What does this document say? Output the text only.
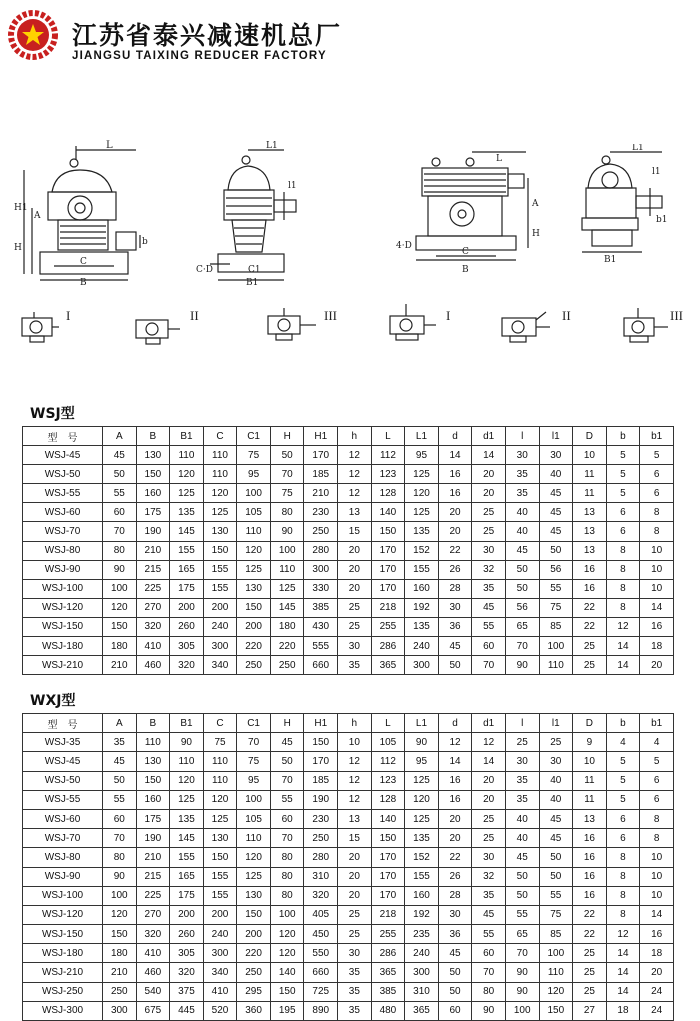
江苏省泰兴减速机总厂
JIANGSU TAIXING REDUCER FACTORY
L
H1
H
A
C
B
b
L1
l1
C·D	C1
B1
L
A
H
4·D
B
C
L1
l1
B1
b1
I	II	III	I	II	III
WSJ型
型　号	A	B	B1	C	C1	H	H1	h	L	L1	d	d1	l	l1	D	b	b1
WSJ-45	45	130	110	110	75	50	170	12	112	95	14	14	30	30	10	5	5
WSJ-50	50	150	120	110	95	70	185	12	123	125	16	20	35	40	11	5	6
WSJ-55	55	160	125	120	100	75	210	12	128	120	16	20	35	45	11	5	6
WSJ-60	60	175	135	125	105	80	230	13	140	125	20	25	40	45	13	6	8
WSJ-70	70	190	145	130	110	90	250	15	150	135	20	25	40	45	13	6	8
WSJ-80	80	210	155	150	120	100	280	20	170	152	22	30	45	50	13	8	10
WSJ-90	90	215	165	155	125	110	300	20	170	155	26	32	50	56	16	8	10
WSJ-100	100	225	175	155	130	125	330	20	170	160	28	35	50	55	16	8	10
WSJ-120	120	270	200	200	150	145	385	25	218	192	30	45	56	75	22	8	14
WSJ-150	150	320	260	240	200	180	430	25	255	135	36	55	65	85	22	12	16
WSJ-180	180	410	305	300	220	220	555	30	286	240	45	60	70	100	25	14	18
WSJ-210	210	460	320	340	250	250	660	35	365	300	50	70	90	110	25	14	20
WXJ型
型　号	A	B	B1	C	C1	H	H1	h	L	L1	d	d1	l	l1	D	b	b1
WSJ-35	35	110	90	75	70	45	150	10	105	90	12	12	25	25	9	4	4
WSJ-45	45	130	110	110	75	50	170	12	112	95	14	14	30	30	10	5	5
WSJ-50	50	150	120	110	95	70	185	12	123	125	16	20	35	40	11	5	6
WSJ-55	55	160	125	120	100	55	190	12	128	120	16	20	35	40	11	5	6
WSJ-60	60	175	135	125	105	60	230	13	140	125	20	25	40	45	13	6	8
WSJ-70	70	190	145	130	110	70	250	15	150	135	20	25	40	45	16	6	8
WSJ-80	80	210	155	150	120	80	280	20	170	152	22	30	45	50	16	8	10
WSJ-90	90	215	165	155	125	80	310	20	170	155	26	32	50	50	16	8	10
WSJ-100	100	225	175	155	130	80	320	20	170	160	28	35	50	55	16	8	10
WSJ-120	120	270	200	200	150	100	405	25	218	192	30	45	55	75	22	8	14
WSJ-150	150	320	260	240	200	120	450	25	255	235	36	55	65	85	22	12	16
WSJ-180	180	410	305	300	220	120	550	30	286	240	45	60	70	100	25	14	18
WSJ-210	210	460	320	340	250	140	660	35	365	300	50	70	90	110	25	14	20
WSJ-250	250	540	375	410	295	150	725	35	385	310	50	80	90	120	25	14	24
WSJ-300	300	675	445	520	360	195	890	35	480	365	60	90	100	150	27	18	24
